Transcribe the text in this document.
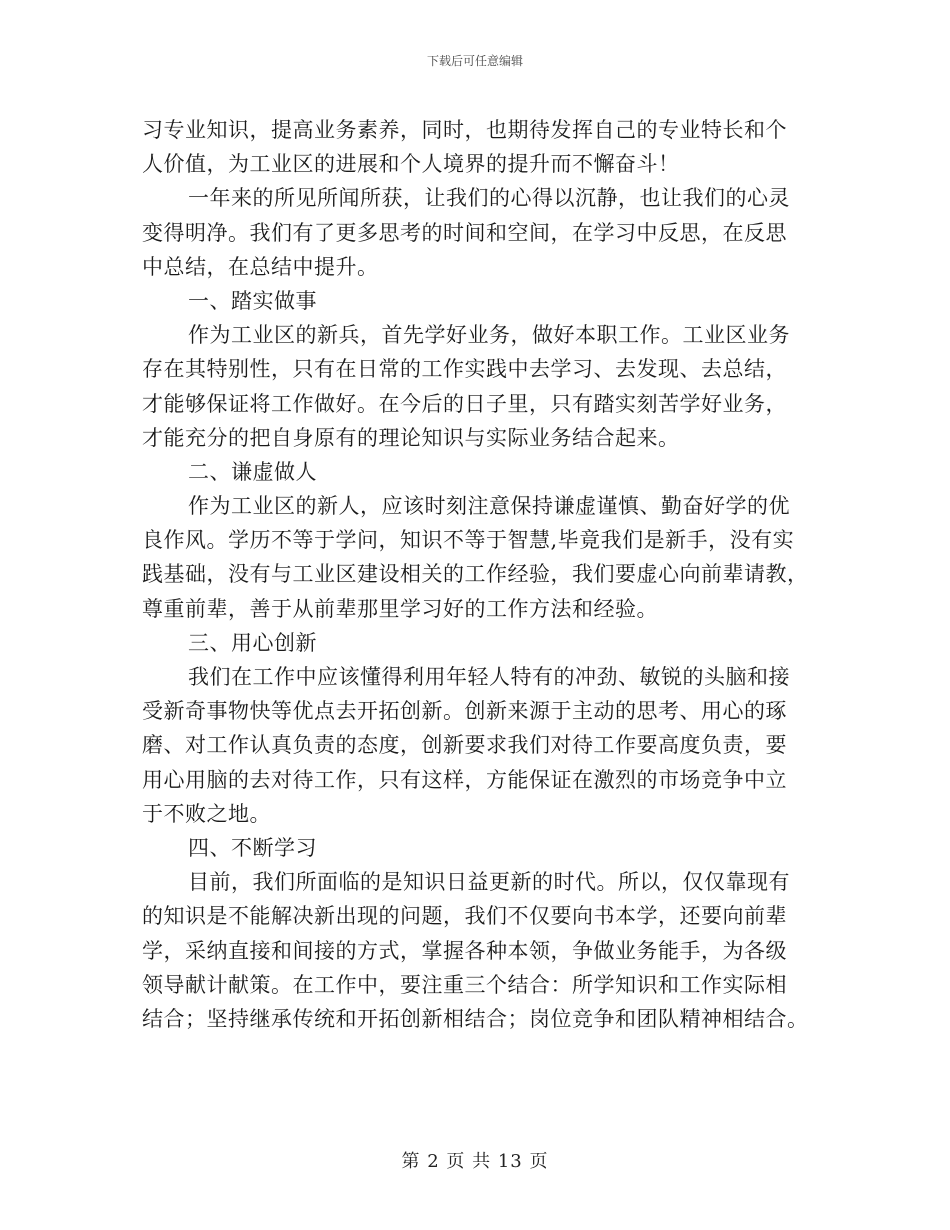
下载后可任意编辑
习专业知识，提高业务素养，同时，也期待发挥自己的专业特长和个
人价值，为工业区的进展和个人境界的提升而不懈奋斗！
一年来的所见所闻所获，让我们的心得以沉静，也让我们的心灵
变得明净。我们有了更多思考的时间和空间，在学习中反思，在反思
中总结，在总结中提升。
一、踏实做事
作为工业区的新兵，首先学好业务，做好本职工作。工业区业务
存在其特别性，只有在日常的工作实践中去学习、去发现、去总结，
才能够保证将工作做好。在今后的日子里，只有踏实刻苦学好业务，
才能充分的把自身原有的理论知识与实际业务结合起来。
二、谦虚做人
作为工业区的新人，应该时刻注意保持谦虚谨慎、勤奋好学的优
良作风。学历不等于学问，知识不等于智慧,毕竟我们是新手，没有实
践基础，没有与工业区建设相关的工作经验，我们要虚心向前辈请教，
尊重前辈，善于从前辈那里学习好的工作方法和经验。
三、用心创新
我们在工作中应该懂得利用年轻人特有的冲劲、敏锐的头脑和接
受新奇事物快等优点去开拓创新。创新来源于主动的思考、用心的琢
磨、对工作认真负责的态度，创新要求我们对待工作要高度负责，要
用心用脑的去对待工作，只有这样，方能保证在激烈的市场竞争中立
于不败之地。
四、不断学习
目前，我们所面临的是知识日益更新的时代。所以，仅仅靠现有
的知识是不能解决新出现的问题，我们不仅要向书本学，还要向前辈
学，采纳直接和间接的方式，掌握各种本领，争做业务能手，为各级
领导献计献策。在工作中，要注重三个结合：所学知识和工作实际相
结合；坚持继承传统和开拓创新相结合；岗位竞争和团队精神相结合。
第 2 页 共 13 页
